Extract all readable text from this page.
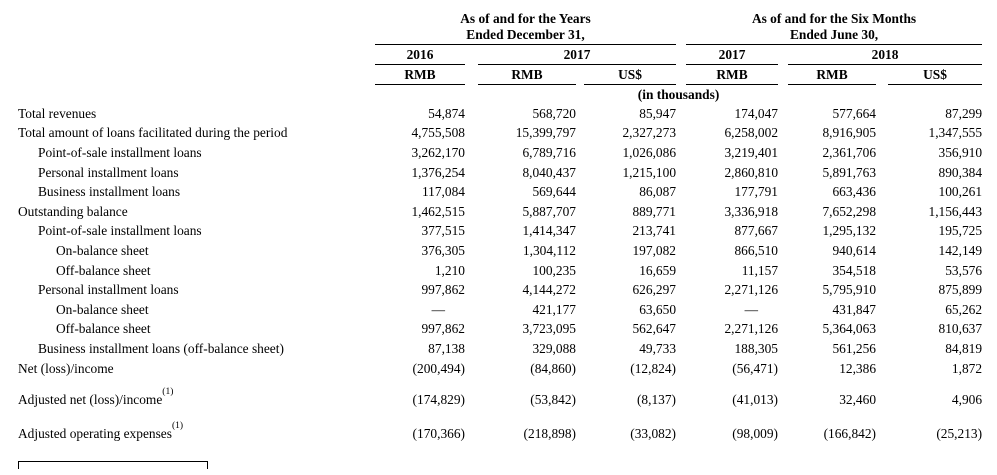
As of and for the Years
Ended December 31,

As of and for the Six Months
Ended June 30,

	2016		2017				2017		2018			
	RMB		RMB		US$		RMB		RMB		US$	
	(in thousands)											
Total revenues	54,874		568,720		85,947		174,047		577,664		87,299	
Total amount of loans facilitated during the period	4,755,508		15,399,797		2,327,273		6,258,002		8,916,905		1,347,555	
Point-of-sale installment loans	3,262,170		6,789,716		1,026,086		3,219,401		2,361,706		356,910	
Personal installment loans	1,376,254		8,040,437		1,215,100		2,860,810		5,891,763		890,384	
Business installment loans	117,084		569,644		86,087		177,791		663,436		100,261	
Outstanding balance	1,462,515		5,887,707		889,771		3,336,918		7,652,298		1,156,443	
Point-of-sale installment loans	377,515		1,414,347		213,741		877,667		1,295,132		195,725	
On-balance sheet	376,305		1,304,112		197,082		866,510		940,614		142,149	
Off-balance sheet	1,210		100,235		16,659		11,157		354,518		53,576	
Personal installment loans	997,862		4,144,272		626,297		2,271,126		5,795,910		875,899	
On-balance sheet	—		421,177		63,650		—		431,847		65,262	
Off-balance sheet	997,862		3,723,095		562,647		2,271,126		5,364,063		810,637	
Business installment loans (off-balance sheet)	87,138		329,088		49,733		188,305		561,256		84,819	
Net (loss)/income	(200,494)		(84,860)		(12,824)		(56,471)		12,386		1,872	
Adjusted net (loss)/income$^{(1)}$	(174,829)		(53,842)		(8,137)		(41,013)		32,460		4,906	
Adjusted operating expenses$^{(1)}$	(170,366)		(218,898)		(33,082)		(98,009)		(166,842)		(25,213)	
